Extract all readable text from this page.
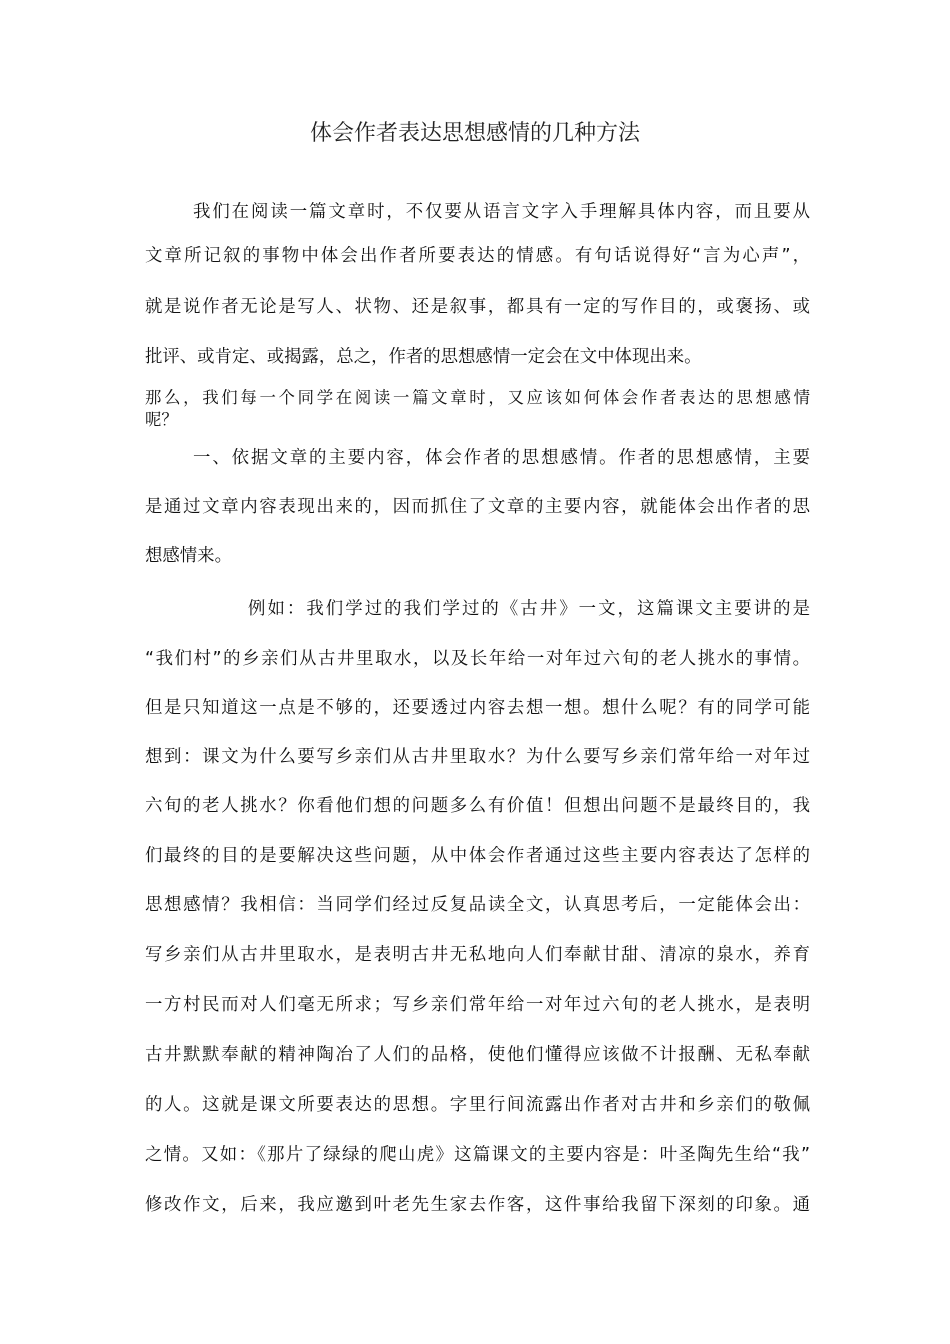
体会作者表达思想感情的几种方法
我们在阅读一篇文章时，不仅要从语言文字入手理解具体内容，而且要从
文章所记叙的事物中体会出作者所要表达的情感。有句话说得好“言为心声”，
就是说作者无论是写人、状物、还是叙事，都具有一定的写作目的，或褒扬、或
批评、或肯定、或揭露，总之，作者的思想感情一定会在文中体现出来。
那么，我们每一个同学在阅读一篇文章时，又应该如何体会作者表达的思想感情
呢？
一、依据文章的主要内容，体会作者的思想感情。作者的思想感情，主要
是通过文章内容表现出来的，因而抓住了文章的主要内容，就能体会出作者的思
想感情来。
例如：我们学过的我们学过的《古井》一文，这篇课文主要讲的是
“我们村”的乡亲们从古井里取水，以及长年给一对年过六旬的老人挑水的事情。
但是只知道这一点是不够的，还要透过内容去想一想。想什么呢？有的同学可能
想到：课文为什么要写乡亲们从古井里取水？为什么要写乡亲们常年给一对年过
六旬的老人挑水？你看他们想的问题多么有价值！但想出问题不是最终目的，我
们最终的目的是要解决这些问题，从中体会作者通过这些主要内容表达了怎样的
思想感情？我相信：当同学们经过反复品读全文，认真思考后，一定能体会出：
写乡亲们从古井里取水，是表明古井无私地向人们奉献甘甜、清凉的泉水，养育
一方村民而对人们毫无所求；写乡亲们常年给一对年过六旬的老人挑水，是表明
古井默默奉献的精神陶冶了人们的品格，使他们懂得应该做不计报酬、无私奉献
的人。这就是课文所要表达的思想。字里行间流露出作者对古井和乡亲们的敬佩
之情。又如：《那片了绿绿的爬山虎》这篇课文的主要内容是：叶圣陶先生给“我”
修改作文，后来，我应邀到叶老先生家去作客，这件事给我留下深刻的印象。通
